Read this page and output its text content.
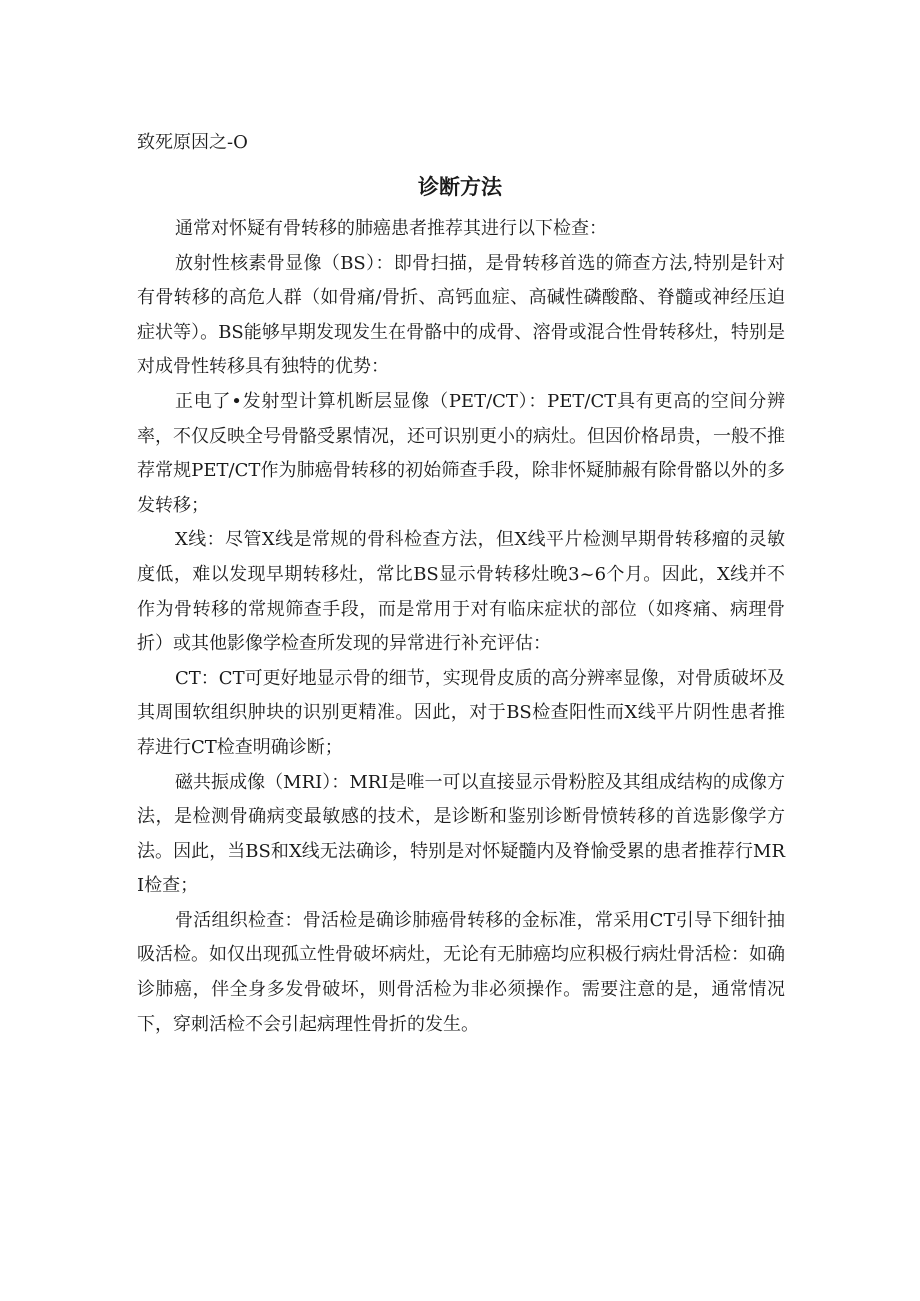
致死原因之-O
诊断方法

通常对怀疑有骨转移的肺癌患者推荐其进行以下检查：

放射性核素骨显像（BS）：即骨扫描，是骨转移首选的筛查方法,特别是针对有骨转移的高危人群（如骨痛/骨折、高钙血症、高碱性磷酸酪、脊髓或神经压迫症状等）。BS能够早期发现发生在骨骼中的成骨、溶骨或混合性骨转移灶，特别是对成骨性转移具有独特的优势：

正电了•发射型计算机断层显像（PET/CT）：PET/CT具有更高的空间分辨率，不仅反映全号骨骼受累情况，还可识别更小的病灶。但因价格昂贵，一般不推荐常规PET/CT作为肺癌骨转移的初始筛查手段，除非怀疑肺赧有除骨骼以外的多发转移；

X线：尽管X线是常规的骨科检查方法，但X线平片检测早期骨转移瘤的灵敏度低，难以发现早期转移灶，常比BS显示骨转移灶晚3~6个月。因此，X线并不作为骨转移的常规筛查手段，而是常用于对有临床症状的部位（如疼痛、病理骨折）或其他影像学检查所发现的异常进行补充评估：

CT：CT可更好地显示骨的细节，实现骨皮质的高分辨率显像，对骨质破坏及其周围软组织肿块的识别更精准。因此，对于BS检查阳性而X线平片阴性患者推荐进行CT检查明确诊断；

磁共振成像（MRI）：MRI是唯一可以直接显示骨粉腔及其组成结构的成像方法，是检测骨确病变最敏感的技术，是诊断和鉴别诊断骨愤转移的首选影像学方法。因此，当BS和X线无法确诊，特别是对怀疑髓内及脊愉受累的患者推荐行MRI检查；

骨活组织检查：骨活检是确诊肺癌骨转移的金标准，常采用CT引导下细针抽吸活检。如仅出现孤立性骨破坏病灶，无论有无肺癌均应积极行病灶骨活检：如确诊肺癌，伴全身多发骨破坏，则骨活检为非必须操作。需要注意的是，通常情况下，穿刺活检不会引起病理性骨折的发生。
